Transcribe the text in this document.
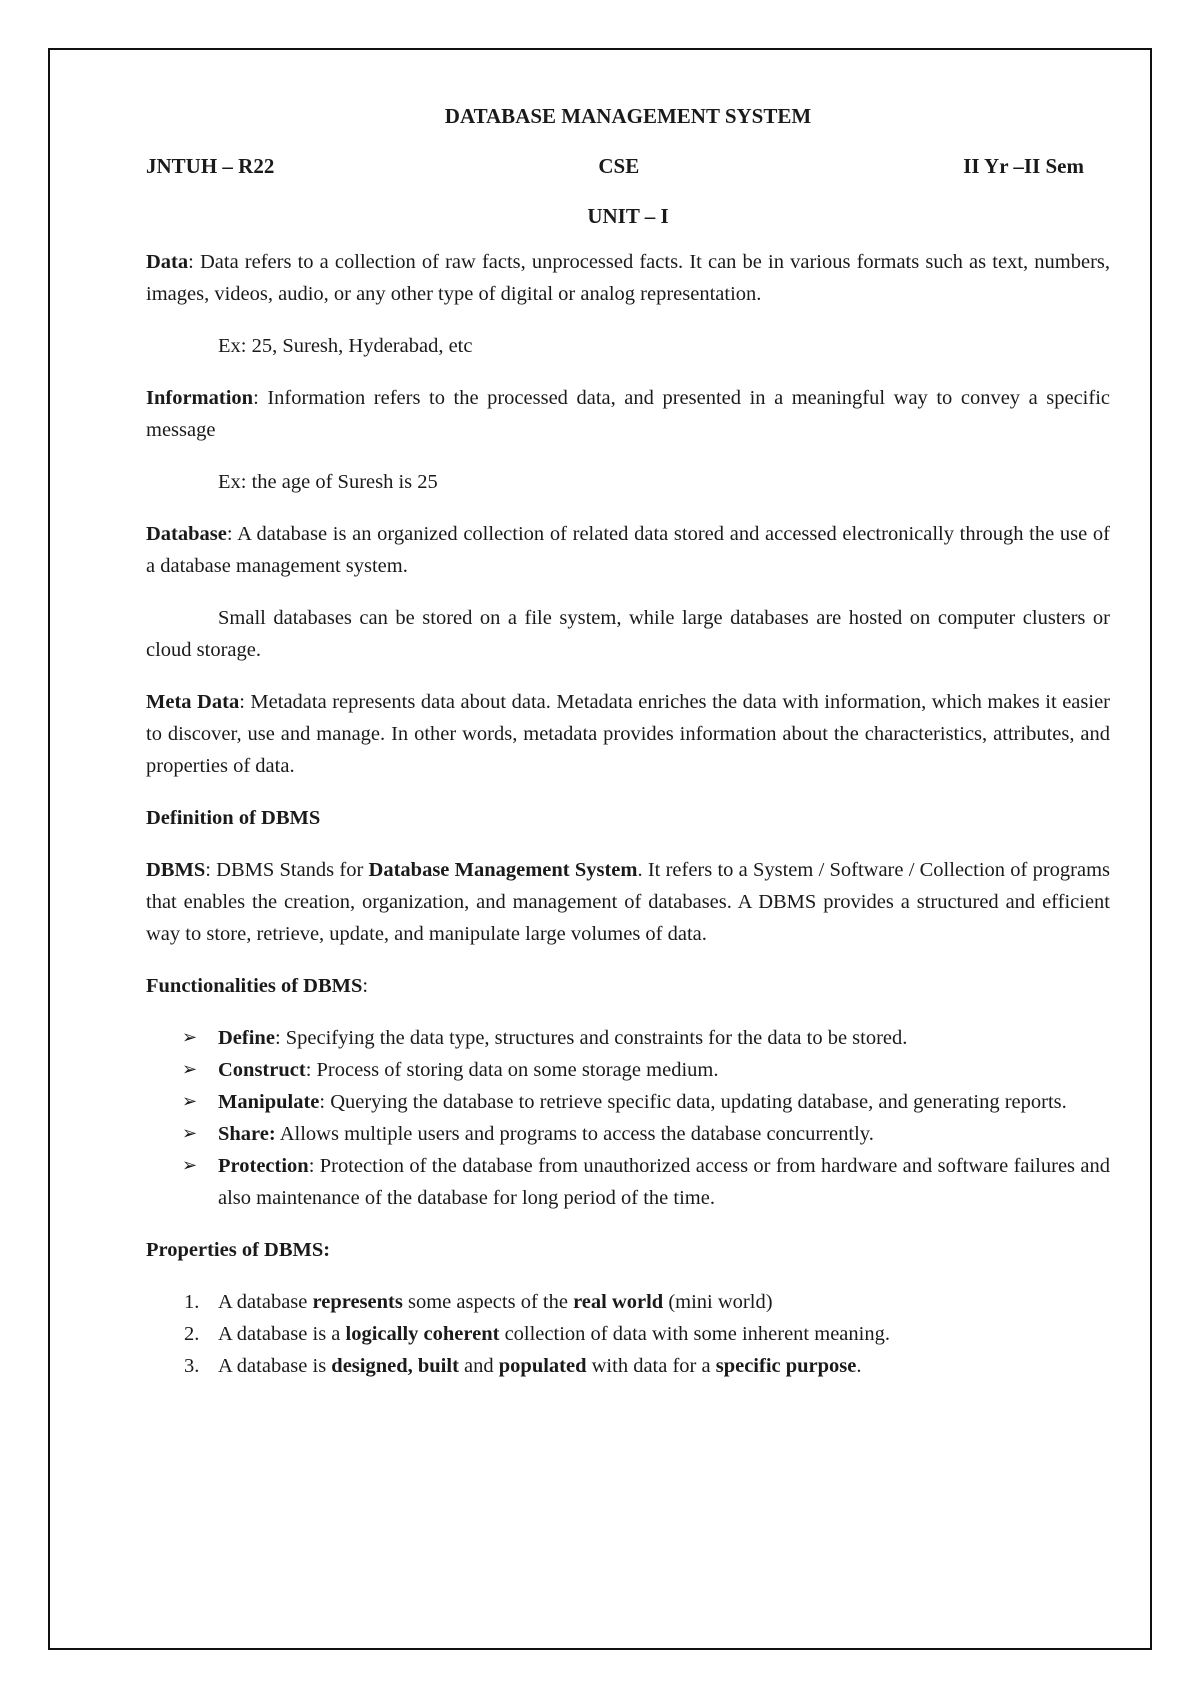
DATABASE MANAGEMENT SYSTEM
JNTUH – R22	CSE	II Yr –II Sem
UNIT – I

Data: Data refers to a collection of raw facts, unprocessed facts. It can be in various formats such as text, numbers, images, videos, audio, or any other type of digital or analog representation.

Ex: 25, Suresh, Hyderabad, etc

Information: Information refers to the processed data, and presented in a meaningful way to convey a specific message

Ex: the age of Suresh is 25

Database: A database is an organized collection of related data stored and accessed electronically through the use of a database management system.

Small databases can be stored on a file system, while large databases are hosted on computer clusters or cloud storage.

Meta Data: Metadata represents data about data. Metadata enriches the data with information, which makes it easier to discover, use and manage. In other words, metadata provides information about the characteristics, attributes, and properties of data.

Definition of DBMS

DBMS: DBMS Stands for Database Management System. It refers to a System / Software / Collection of programs that enables the creation, organization, and management of databases. A DBMS provides a structured and efficient way to store, retrieve, update, and manipulate large volumes of data.

Functionalities of DBMS:
➢ Define: Specifying the data type, structures and constraints for the data to be stored.
➢ Construct: Process of storing data on some storage medium.
➢ Manipulate: Querying the database to retrieve specific data, updating database, and generating reports.
➢ Share: Allows multiple users and programs to access the database concurrently.
➢ Protection: Protection of the database from unauthorized access or from hardware and software failures and also maintenance of the database for long period of the time.
Properties of DBMS:
1. A database represents some aspects of the real world (mini world)
2. A database is a logically coherent collection of data with some inherent meaning.
3. A database is designed, built and populated with data for a specific purpose.
